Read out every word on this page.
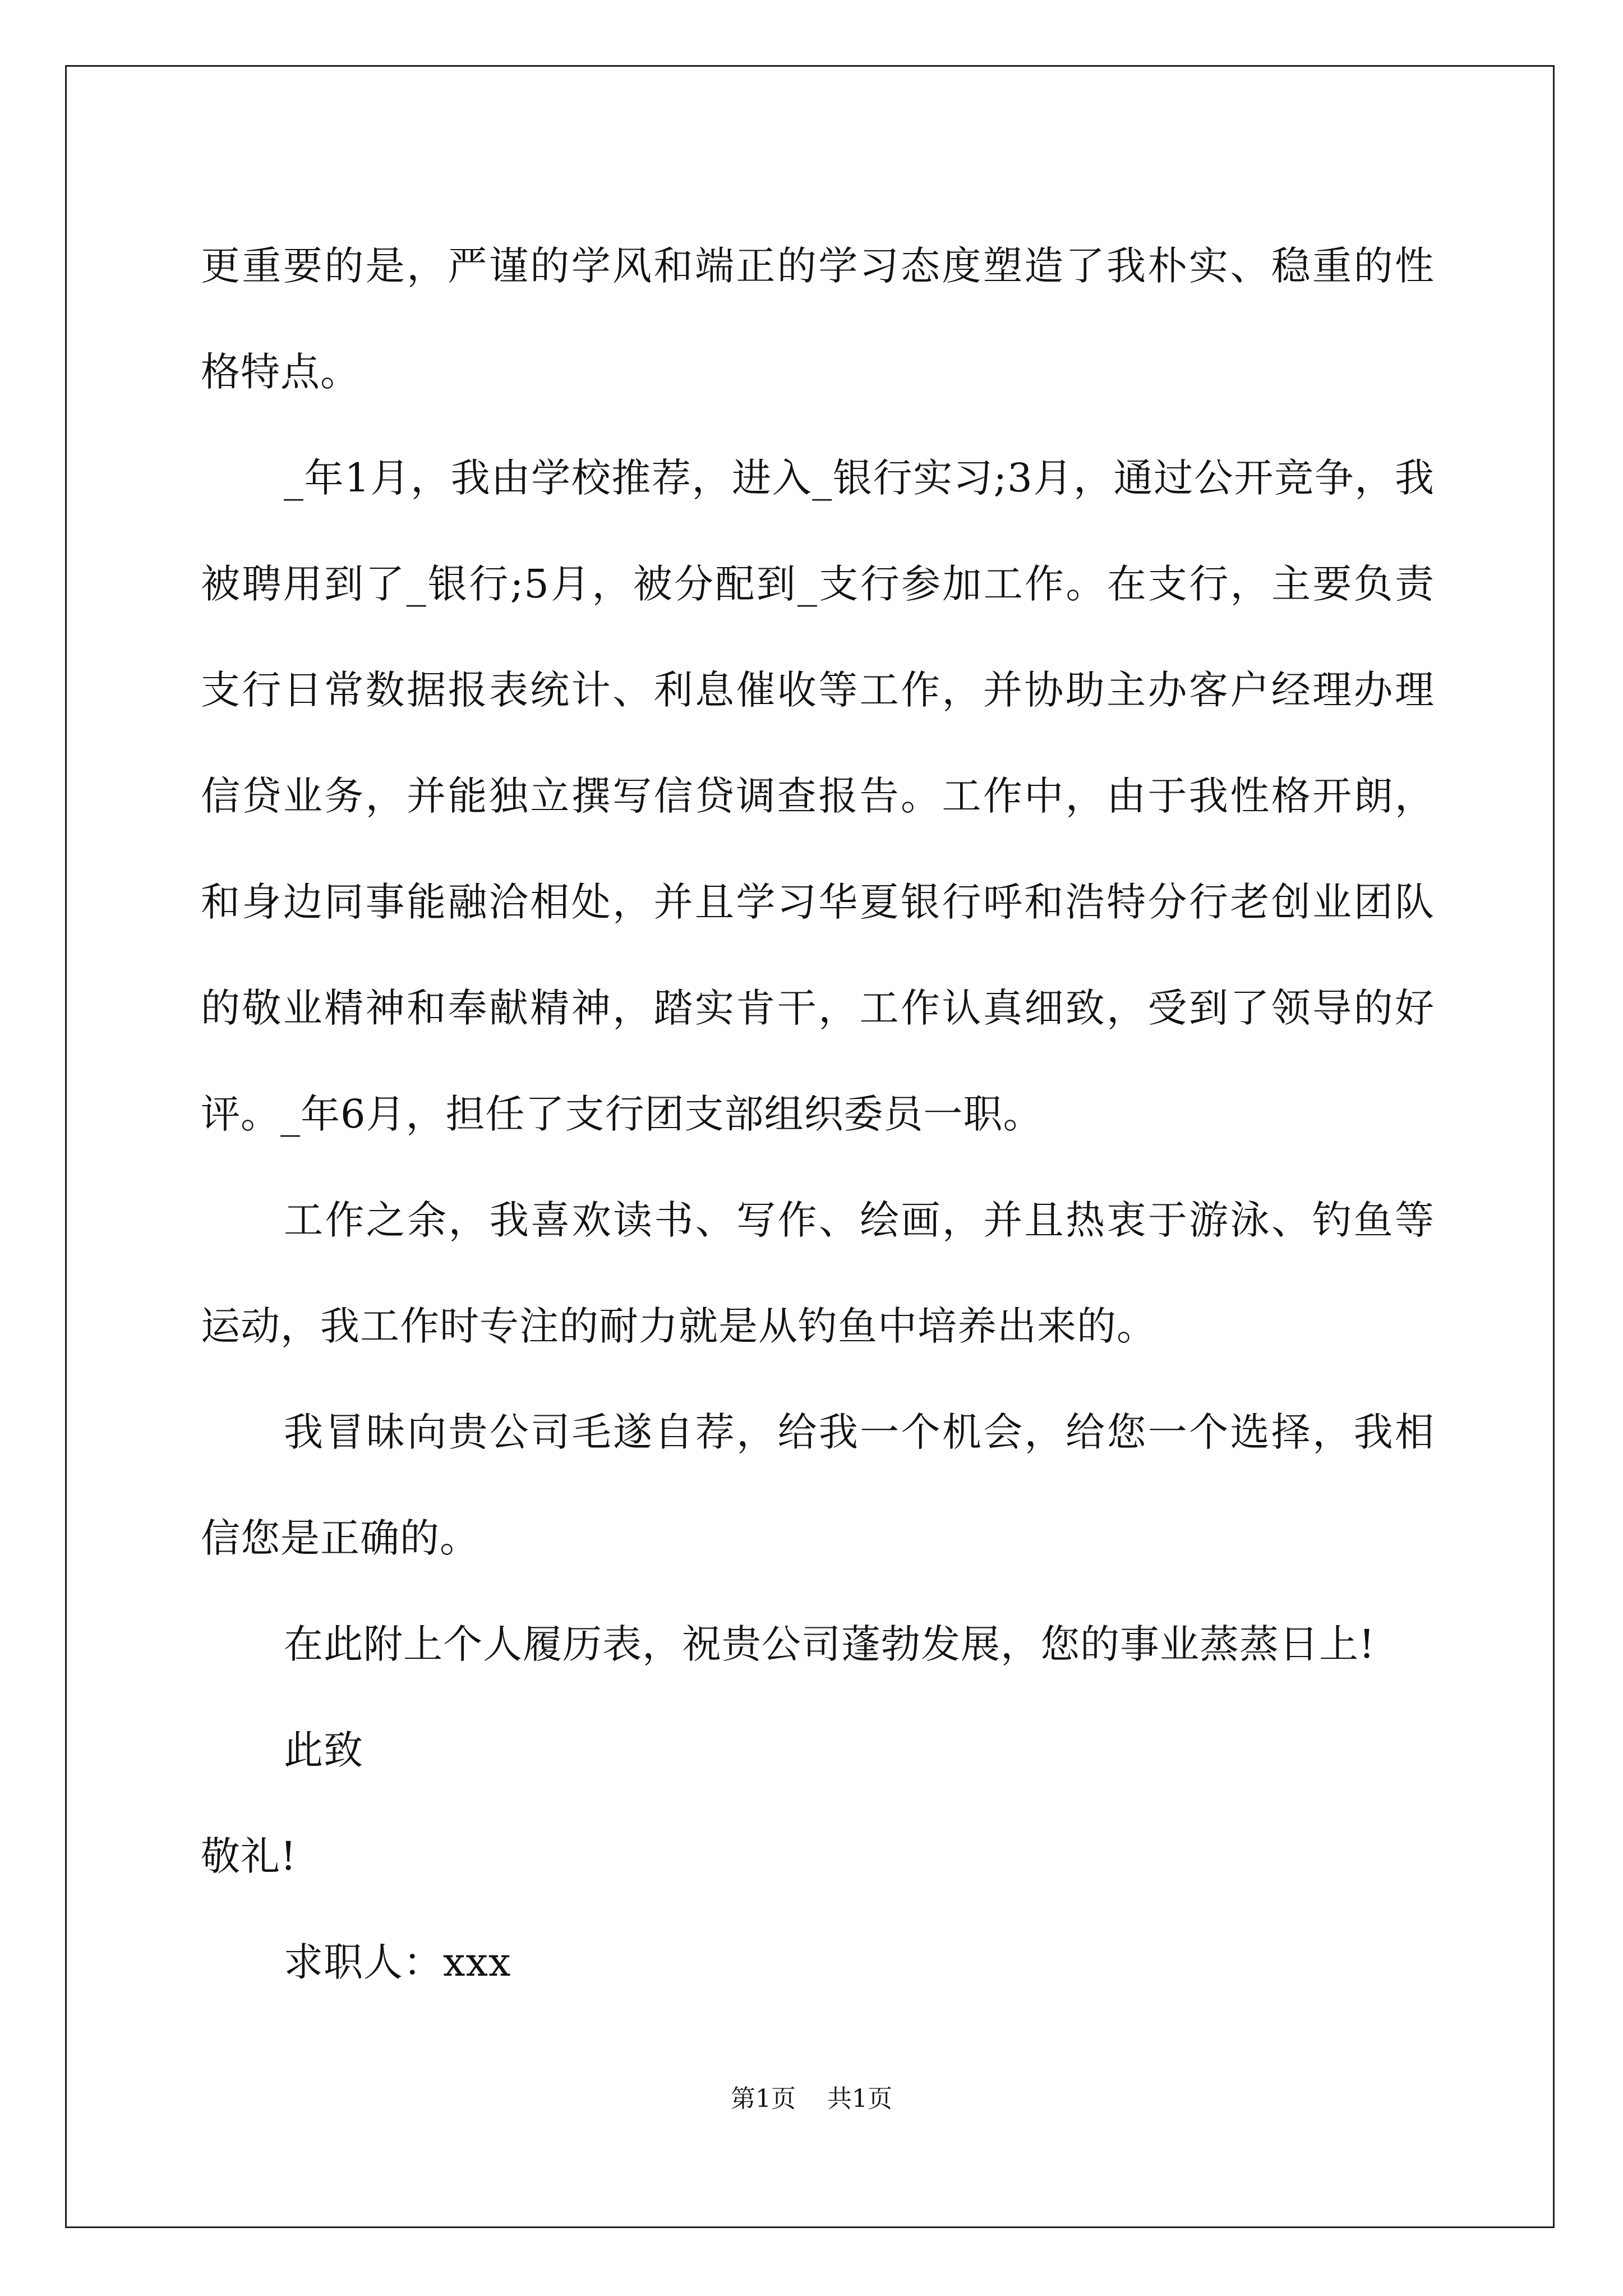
更重要的是，严谨的学风和端正的学习态度塑造了我朴实、稳重的性格特点。

_年1月，我由学校推荐，进入_银行实习;3月，通过公开竞争，我被聘用到了_银行;5月，被分配到_支行参加工作。在支行，主要负责支行日常数据报表统计、利息催收等工作，并协助主办客户经理办理信贷业务，并能独立撰写信贷调查报告。工作中，由于我性格开朗，和身边同事能融洽相处，并且学习华夏银行呼和浩特分行老创业团队的敬业精神和奉献精神，踏实肯干，工作认真细致，受到了领导的好评。_年6月，担任了支行团支部组织委员一职。

工作之余，我喜欢读书、写作、绘画，并且热衷于游泳、钓鱼等运动，我工作时专注的耐力就是从钓鱼中培养出来的。

我冒昧向贵公司毛遂自荐，给我一个机会，给您一个选择，我相信您是正确的。

在此附上个人履历表，祝贵公司蓬勃发展，您的事业蒸蒸日上!

此致

敬礼!

求职人：xxx

第1页 共1页
